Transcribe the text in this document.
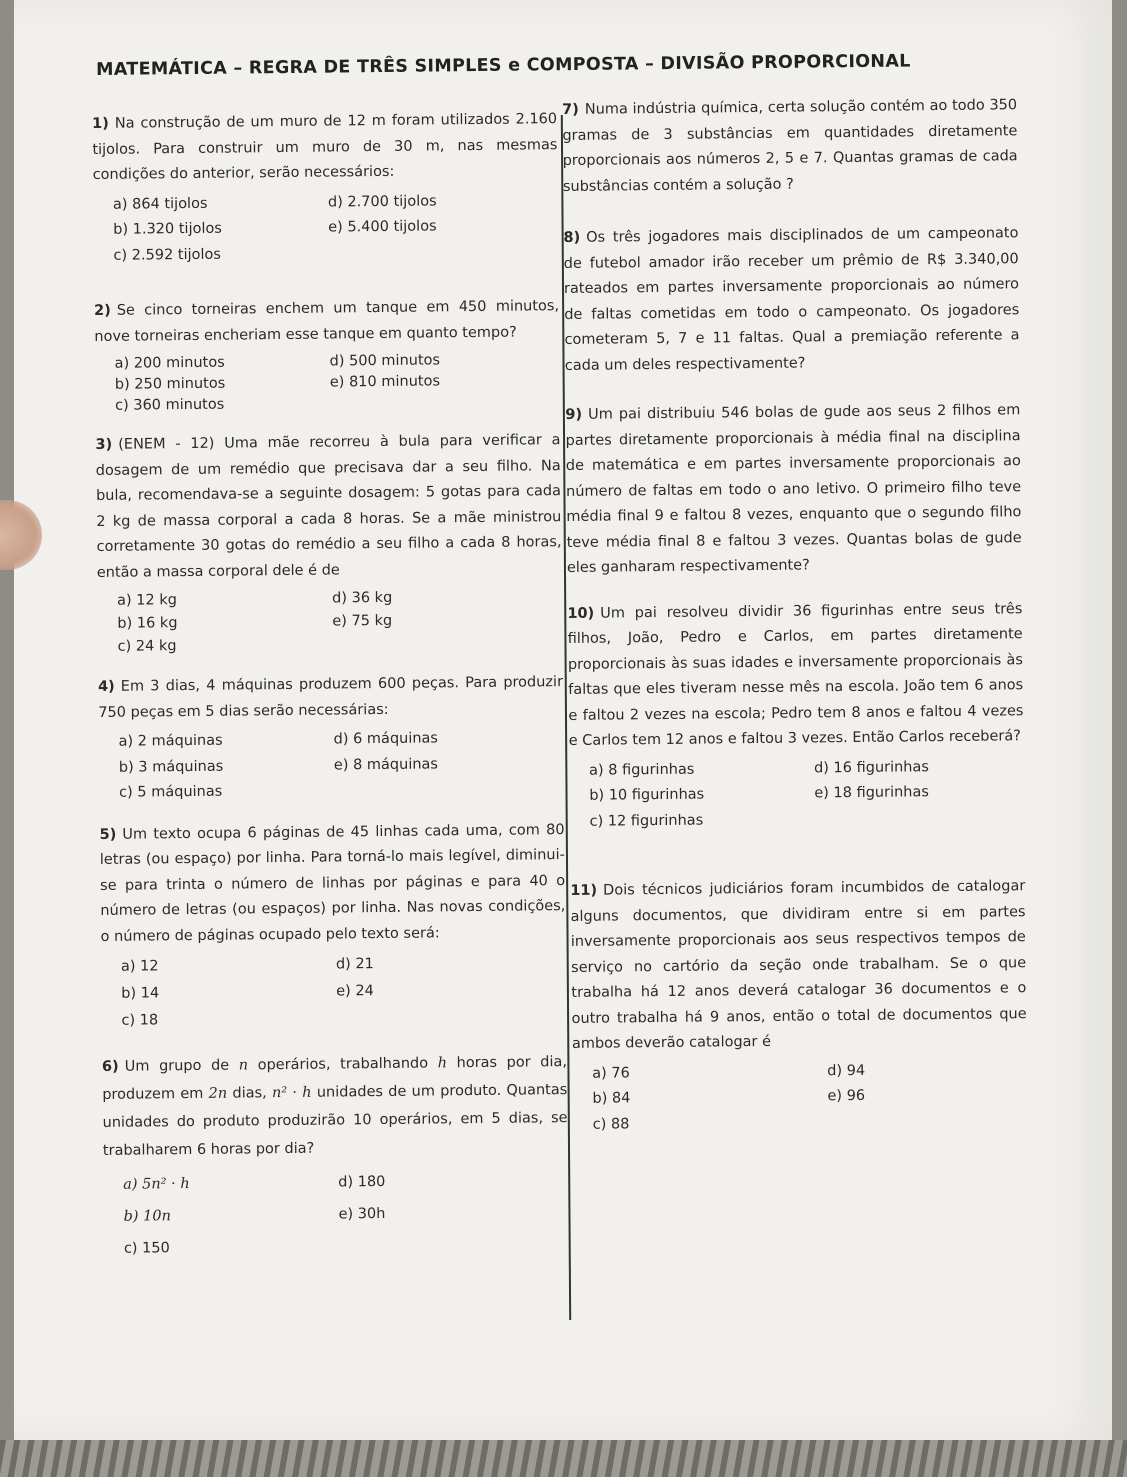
MATEMÁTICA – REGRA DE TRÊS SIMPLES e COMPOSTA – DIVISÃO PROPORCIONAL
1) Na construção de um muro de 12 m foram utilizados 2.160 tijolos. Para construir um muro de 30 m, nas mesmas condições do anterior, serão necessários:
a) 864 tijolos	d) 2.700 tijolos
b) 1.320 tijolos	e) 5.400 tijolos
c) 2.592 tijolos
2) Se cinco torneiras enchem um tanque em 450 minutos, nove torneiras encheriam esse tanque em quanto tempo?
a) 200 minutos	d) 500 minutos
b) 250 minutos	e) 810 minutos
c) 360 minutos
3) (ENEM - 12) Uma mãe recorreu à bula para verificar a dosagem de um remédio que precisava dar a seu filho. Na bula, recomendava-se a seguinte dosagem: 5 gotas para cada 2 kg de massa corporal a cada 8 horas. Se a mãe ministrou corretamente 30 gotas do remédio a seu filho a cada 8 horas, então a massa corporal dele é de
a) 12 kg	d) 36 kg
b) 16 kg	e) 75 kg
c) 24 kg
4) Em 3 dias, 4 máquinas produzem 600 peças. Para produzir 750 peças em 5 dias serão necessárias:
a) 2 máquinas	d) 6 máquinas
b) 3 máquinas	e) 8 máquinas
c) 5 máquinas
5) Um texto ocupa 6 páginas de 45 linhas cada uma, com 80 letras (ou espaço) por linha. Para torná-lo mais legível, diminui-se para trinta o número de linhas por páginas e para 40 o número de letras (ou espaços) por linha. Nas novas condições, o número de páginas ocupado pelo texto será:
a) 12	d) 21
b) 14	e) 24
c) 18
6) Um grupo de n operários, trabalhando h horas por dia, produzem em 2n dias, n² · h unidades de um produto. Quantas unidades do produto produzirão 10 operários, em 5 dias, se trabalharem 6 horas por dia?
a) 5n² · h	d) 180
b) 10n	e) 30h
c) 150
7) Numa indústria química, certa solução contém ao todo 350 gramas de 3 substâncias em quantidades diretamente proporcionais aos números 2, 5 e 7. Quantas gramas de cada substâncias contém a solução ?
8) Os três jogadores mais disciplinados de um campeonato de futebol amador irão receber um prêmio de R$ 3.340,00 rateados em partes inversamente proporcionais ao número de faltas cometidas em todo o campeonato. Os jogadores cometeram 5, 7 e 11 faltas. Qual a premiação referente a cada um deles respectivamente?
9) Um pai distribuiu 546 bolas de gude aos seus 2 filhos em partes diretamente proporcionais à média final na disciplina de matemática e em partes inversamente proporcionais ao número de faltas em todo o ano letivo. O primeiro filho teve média final 9 e faltou 8 vezes, enquanto que o segundo filho teve média final 8 e faltou 3 vezes. Quantas bolas de gude eles ganharam respectivamente?
10) Um pai resolveu dividir 36 figurinhas entre seus três filhos, João, Pedro e Carlos, em partes diretamente proporcionais às suas idades e inversamente proporcionais às faltas que eles tiveram nesse mês na escola. João tem 6 anos e faltou 2 vezes na escola; Pedro tem 8 anos e faltou 4 vezes e Carlos tem 12 anos e faltou 3 vezes. Então Carlos receberá?
a) 8 figurinhas	d) 16 figurinhas
b) 10 figurinhas	e) 18 figurinhas
c) 12 figurinhas
11) Dois técnicos judiciários foram incumbidos de catalogar alguns documentos, que dividiram entre si em partes inversamente proporcionais aos seus respectivos tempos de serviço no cartório da seção onde trabalham. Se o que trabalha há 12 anos deverá catalogar 36 documentos e o outro trabalha há 9 anos, então o total de documentos que ambos deverão catalogar é
a) 76	d) 94
b) 84	e) 96
c) 88
